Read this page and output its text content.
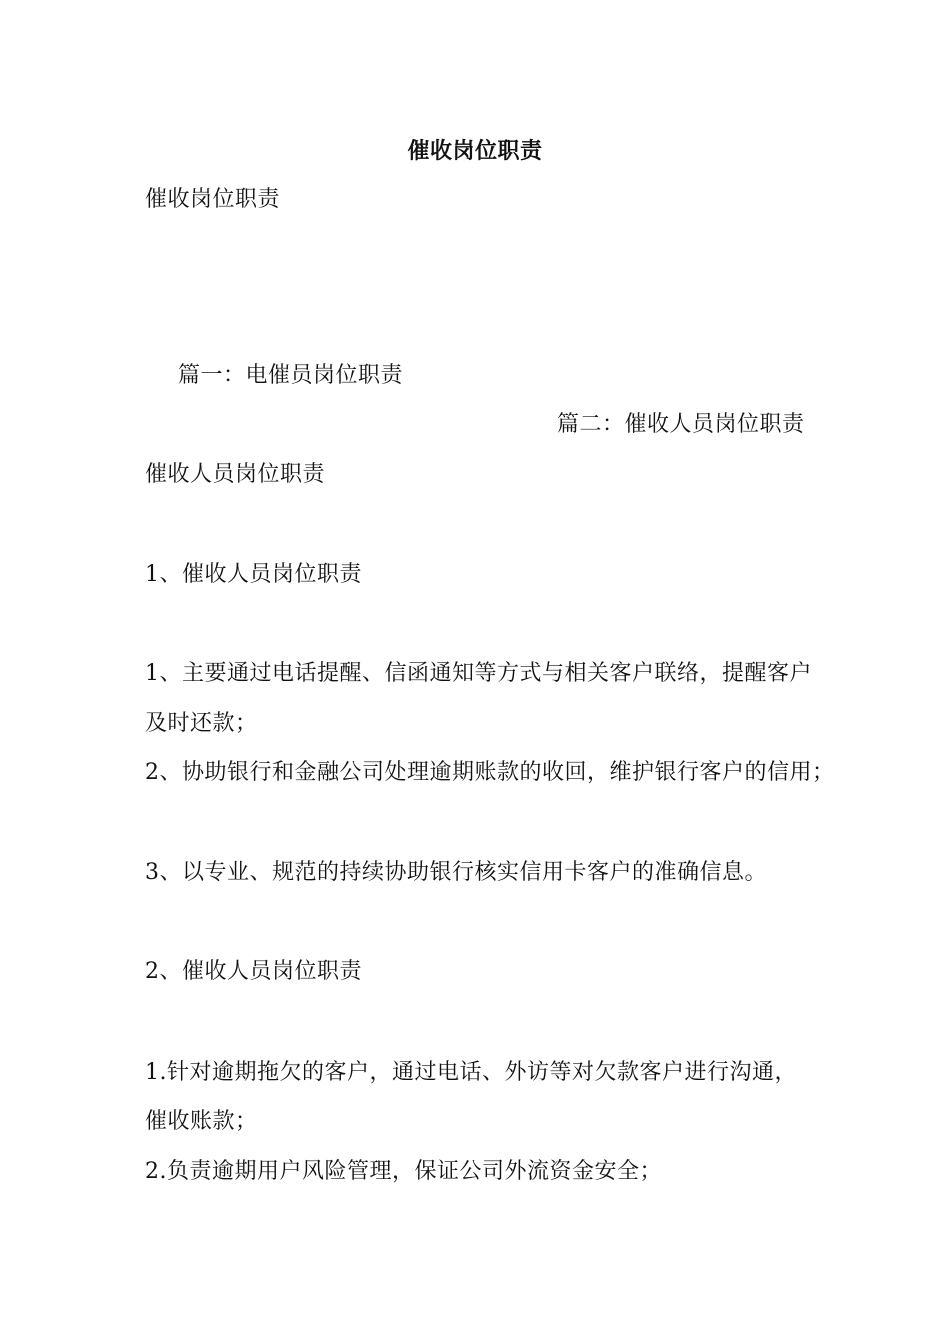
催收岗位职责
催收岗位职责
篇一：电催员岗位职责
篇二：催收人员岗位职责
催收人员岗位职责
1、催收人员岗位职责
1、主要通过电话提醒、信函通知等方式与相关客户联络，提醒客户
及时还款；
2、协助银行和金融公司处理逾期账款的收回，维护银行客户的信用；
3、以专业、规范的持续协助银行核实信用卡客户的准确信息。
2、催收人员岗位职责
1.针对逾期拖欠的客户，通过电话、外访等对欠款客户进行沟通，
催收账款；
2.负责逾期用户风险管理，保证公司外流资金安全；
